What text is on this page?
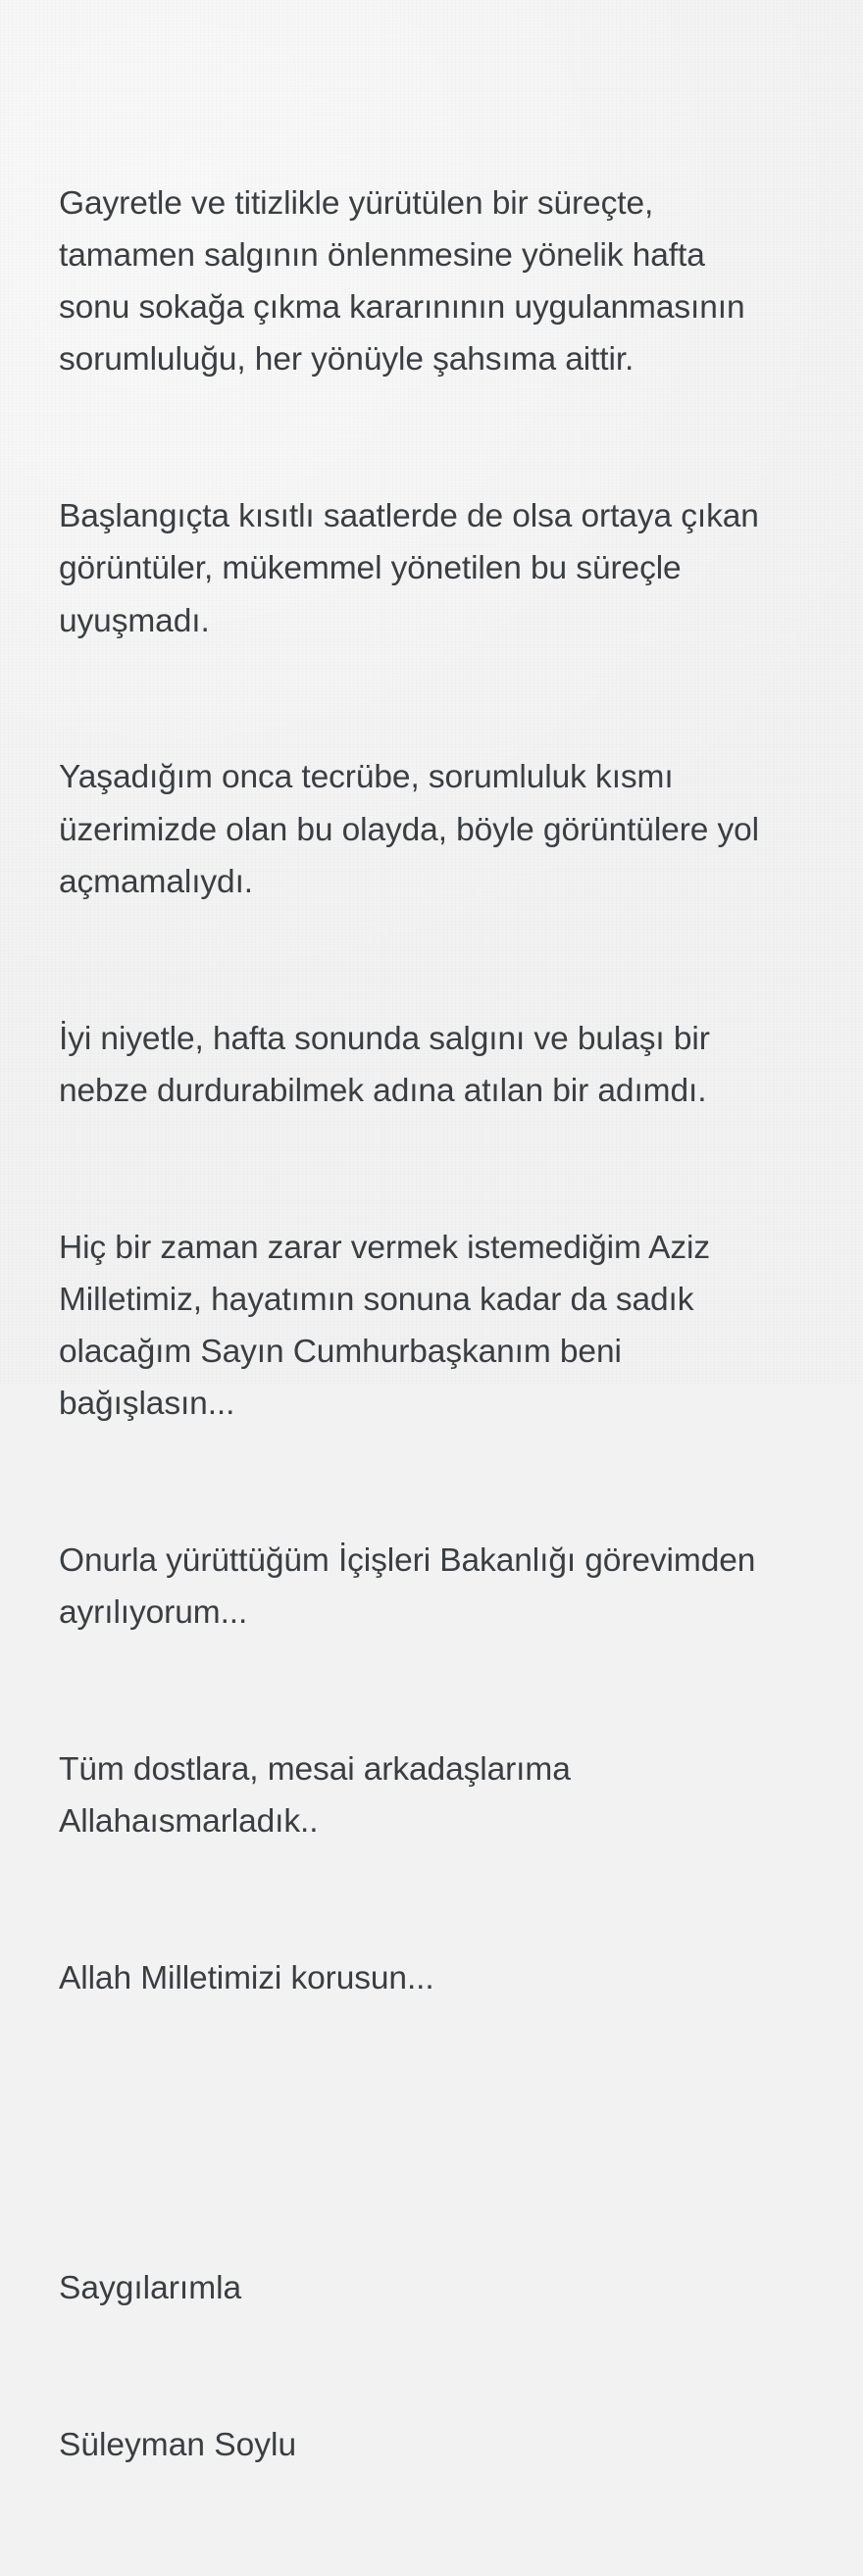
Gayretle ve titizlikle yürütülen bir süreçte, tamamen salgının önlenmesine yönelik hafta sonu sokağa çıkma kararınının uygulanmasının sorumluluğu, her yönüyle şahsıma aittir.

Başlangıçta kısıtlı saatlerde de olsa ortaya çıkan görüntüler, mükemmel yönetilen bu süreçle uyuşmadı.

Yaşadığım onca tecrübe, sorumluluk kısmı üzerimizde olan bu olayda, böyle görüntülere yol açmamalıydı.

İyi niyetle, hafta sonunda salgını ve bulaşı bir nebze durdurabilmek adına atılan bir adımdı.

Hiç bir zaman zarar vermek istemediğim Aziz Milletimiz, hayatımın sonuna kadar da sadık olacağım Sayın Cumhurbaşkanım beni bağışlasın...

Onurla yürüttüğüm İçişleri Bakanlığı görevimden ayrılıyorum...

Tüm dostlara, mesai arkadaşlarıma Allahaısmarladık..

Allah Milletimizi korusun...

Saygılarımla

Süleyman Soylu
